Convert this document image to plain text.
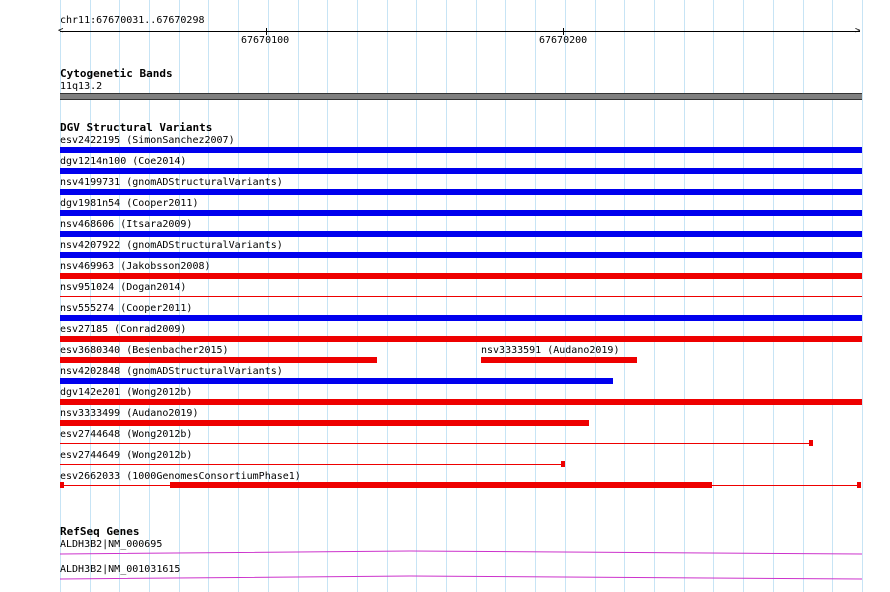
chr11:67670031..67670298
<	>
67670100	67670200
Cytogenetic Bands
11q13.2
DGV Structural Variants
esv2422195 (SimonSanchez2007)
dgv1214n100 (Coe2014)
nsv4199731 (gnomADStructuralVariants)
dgv1981n54 (Cooper2011)
nsv468606 (Itsara2009)
nsv4207922 (gnomADStructuralVariants)
nsv469963 (Jakobsson2008)
nsv951024 (Dogan2014)
nsv555274 (Cooper2011)
esv27185 (Conrad2009)
esv3680340 (Besenbacher2015)	nsv3333591 (Audano2019)
nsv4202848 (gnomADStructuralVariants)
dgv142e201 (Wong2012b)
nsv3333499 (Audano2019)
esv2744648 (Wong2012b)
esv2744649 (Wong2012b)
esv2662033 (1000GenomesConsortiumPhase1)
RefSeq Genes
ALDH3B2|NM_000695
ALDH3B2|NM_001031615
